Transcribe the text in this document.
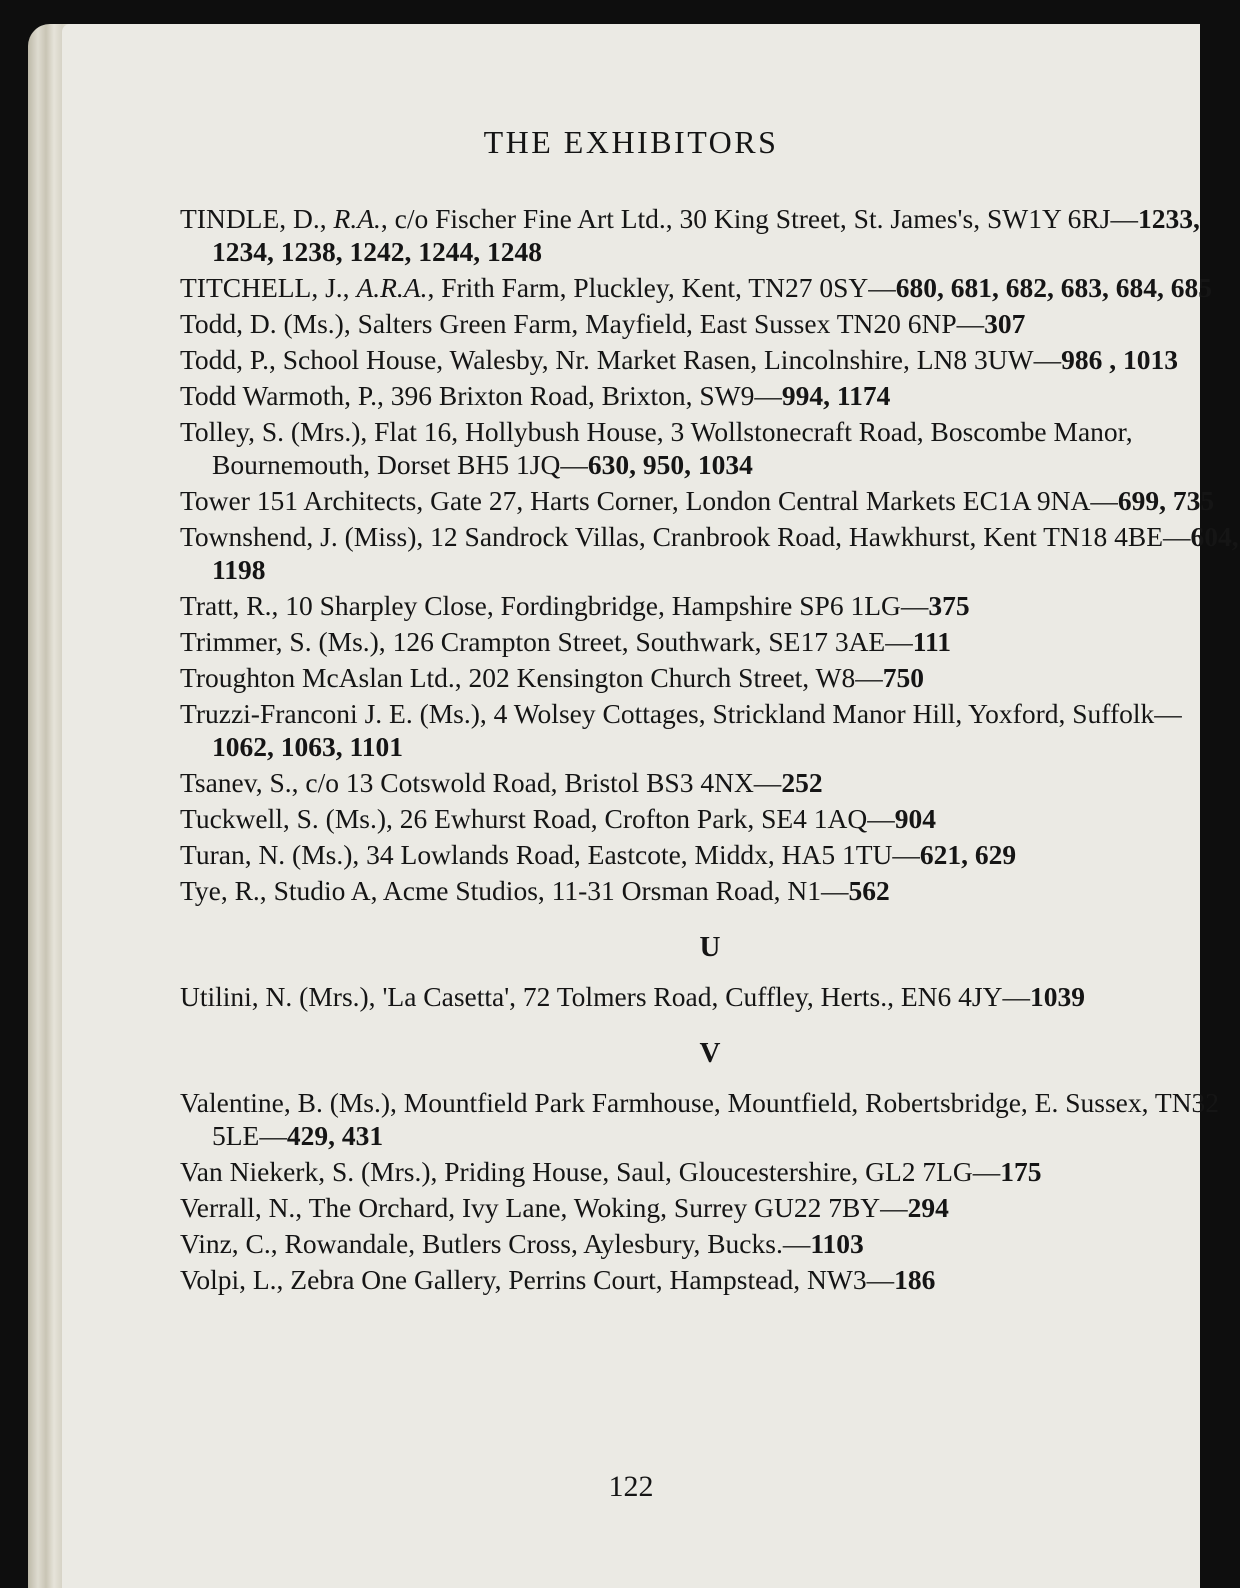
THE EXHIBITORS

TINDLE, D., R.A., c/o Fischer Fine Art Ltd., 30 King Street, St. James's, SW1Y 6RJ—1233, 1234, 1238, 1242, 1244, 1248

TITCHELL, J., A.R.A., Frith Farm, Pluckley, Kent, TN27 0SY—680, 681, 682, 683, 684, 685

Todd, D. (Ms.), Salters Green Farm, Mayfield, East Sussex TN20 6NP—307

Todd, P., School House, Walesby, Nr. Market Rasen, Lincolnshire, LN8 3UW—986 , 1013

Todd Warmoth, P., 396 Brixton Road, Brixton, SW9—994, 1174

Tolley, S. (Mrs.), Flat 16, Hollybush House, 3 Wollstonecraft Road, Boscombe Manor, Bournemouth, Dorset BH5 1JQ—630, 950, 1034

Tower 151 Architects, Gate 27, Harts Corner, London Central Markets EC1A 9NA—699, 735

Townshend, J. (Miss), 12 Sandrock Villas, Cranbrook Road, Hawkhurst, Kent TN18 4BE—604, 1198

Tratt, R., 10 Sharpley Close, Fordingbridge, Hampshire SP6 1LG—375

Trimmer, S. (Ms.), 126 Crampton Street, Southwark, SE17 3AE—111

Troughton McAslan Ltd., 202 Kensington Church Street, W8—750

Truzzi-Franconi J. E. (Ms.), 4 Wolsey Cottages, Strickland Manor Hill, Yoxford, Suffolk—1062, 1063, 1101

Tsanev, S., c/o 13 Cotswold Road, Bristol BS3 4NX—252

Tuckwell, S. (Ms.), 26 Ewhurst Road, Crofton Park, SE4 1AQ—904

Turan, N. (Ms.), 34 Lowlands Road, Eastcote, Middx, HA5 1TU—621, 629

Tye, R., Studio A, Acme Studios, 11-31 Orsman Road, N1—562

U

Utilini, N. (Mrs.), 'La Casetta', 72 Tolmers Road, Cuffley, Herts., EN6 4JY—1039

V

Valentine, B. (Ms.), Mountfield Park Farmhouse, Mountfield, Robertsbridge, E. Sussex, TN32 5LE—429, 431

Van Niekerk, S. (Mrs.), Priding House, Saul, Gloucestershire, GL2 7LG—175

Verrall, N., The Orchard, Ivy Lane, Woking, Surrey GU22 7BY—294

Vinz, C., Rowandale, Butlers Cross, Aylesbury, Bucks.—1103

Volpi, L., Zebra One Gallery, Perrins Court, Hampstead, NW3—186

122
